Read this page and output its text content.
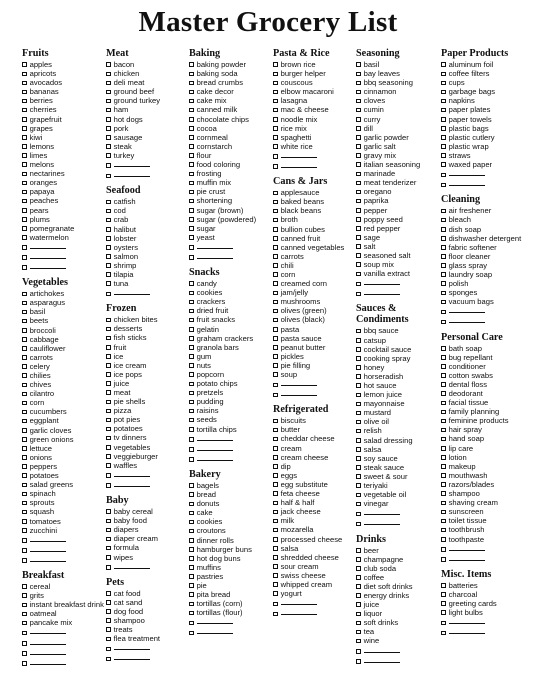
Master Grocery List
Fruits
apples
apricots
avocados
bananas
berries
cherries
grapefruit
grapes
kiwi
lemons
limes
melons
nectarines
oranges
papaya
peaches
pears
plums
pomegranate
watermelon
Vegetables
artichokes
asparagus
basil
beets
broccoli
cabbage
cauliflower
carrots
celery
chilies
chives
cilantro
corn
cucumbers
eggplant
garlic cloves
green onions
lettuce
onions
peppers
potatoes
salad greens
spinach
sprouts
squash
tomatoes
zucchini
Breakfast
cereal
grits
instant breakfast drink
oatmeal
pancake mix
Meat
bacon
chicken
deli meat
ground beef
ground turkey
ham
hot dogs
pork
sausage
steak
turkey
Seafood
catfish
cod
crab
halibut
lobster
oysters
salmon
shrimp
tilapia
tuna
Frozen
chicken bites
desserts
fish sticks
fruit
ice
ice cream
ice pops
juice
meat
pie shells
pizza
pot pies
potatoes
tv dinners
vegetables
veggieburger
waffles
Baby
baby cereal
baby food
diapers
diaper cream
formula
wipes
Pets
cat food
cat sand
dog food
shampoo
treats
flea treatment
Baking
baking powder
baking soda
bread crumbs
cake decor
cake mix
canned milk
chocolate chips
cocoa
cornmeal
cornstarch
flour
food coloring
frosting
muffin mix
pie crust
shortening
sugar (brown)
sugar (powdered)
sugar
yeast
Snacks
candy
cookies
crackers
dried fruit
fruit snacks
gelatin
graham crackers
granola bars
gum
nuts
popcorn
potato chips
pretzels
pudding
raisins
seeds
tortilla chips
Bakery
bagels
bread
donuts
cake
cookies
croutons
dinner rolls
hamburger buns
hot dog buns
muffins
pastries
pie
pita bread
tortillas (corn)
tortillas (flour)
Pasta & Rice
brown rice
burger helper
couscous
elbow macaroni
lasagna
mac & cheese
noodle mix
rice mix
spaghetti
white rice
Cans & Jars
applesauce
baked beans
black beans
broth
bullion cubes
canned fruit
canned vegetables
carrots
chili
corn
creamed corn
jam/jelly
mushrooms
olives (green)
olives (black)
pasta
pasta sauce
peanut butter
pickles
pie filling
soup
Refrigerated
biscuits
butter
cheddar cheese
cream
cream cheese
dip
eggs
egg substitute
feta cheese
half & half
jack cheese
milk
mozarella
processed cheese
salsa
shredded cheese
sour cream
swiss cheese
whipped cream
yogurt
Seasoning
basil
bay leaves
bbq seasoning
cinnamon
cloves
cumin
curry
dill
garlic powder
garlic salt
gravy mix
italian seasoning
marinade
meat tenderizer
oregano
paprika
pepper
poppy seed
red pepper
sage
salt
seasoned salt
soup mix
vanilla extract
Sauces & Condiments
bbq sauce
catsup
cocktail sauce
cooking spray
honey
horseradish
hot sauce
lemon juice
mayonnaise
mustard
olive oil
relish
salad dressing
salsa
soy sauce
steak sauce
sweet & sour
teriyaki
vegetable oil
vinegar
Drinks
beer
champagne
club soda
coffee
diet soft drinks
energy drinks
juice
liquor
soft drinks
tea
wine
Paper Products
aluminum foil
coffee filters
cups
garbage bags
napkins
paper plates
paper towels
plastic bags
plastic cutlery
plastic wrap
straws
waxed paper
Cleaning
air freshener
bleach
dish soap
dishwasher detergent
fabric softener
floor cleaner
glass spray
laundry soap
polish
sponges
vacuum bags
Personal Care
bath soap
bug repellant
conditioner
cotton swabs
dental floss
deodorant
facial tissue
family planning
feminine products
hair spray
hand soap
lip care
lotion
makeup
mouthwash
razors/blades
shampoo
shaving cream
sunscreen
toilet tissue
toothbrush
toothpaste
Misc. Items
batteries
charcoal
greeting cards
light bulbs
